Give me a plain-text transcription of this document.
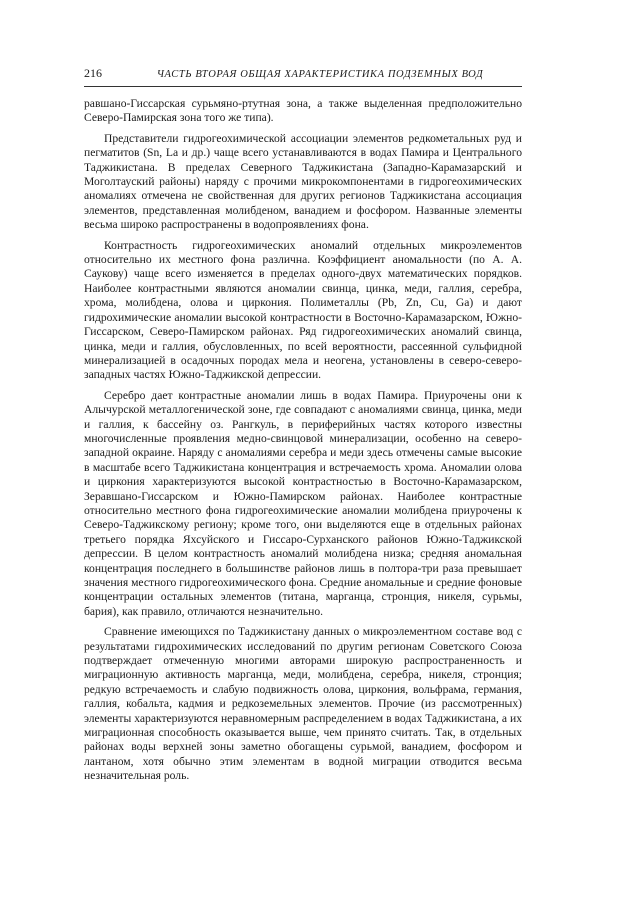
216	ЧАСТЬ ВТОРАЯ ОБЩАЯ ХАРАКТЕРИСТИКА ПОДЗЕМНЫХ ВОД

равшано-Гиссарская сурьмяно-ртутная зона, а также выделенная предположительно Северо-Памирская зона того же типа).

Представители гидрогеохимической ассоциации элементов редкометальных руд и пегматитов (Sn, La и др.) чаще всего устанавливаются в водах Памира и Центрального Таджикистана. В пределах Северного Таджикистана (Западно-Карамазарский и Моголтауский районы) наряду с прочими микрокомпонентами в гидрогеохимических аномалиях отмечена не свойственная для других регионов Таджикистана ассоциация элементов, представленная молибденом, ванадием и фосфором. Названные элементы весьма широко распространены в водопроявлениях фона.

Контрастность гидрогеохимических аномалий отдельных микроэлементов относительно их местного фона различна. Коэффициент аномальности (по А. А. Саукову) чаще всего изменяется в пределах одного-двух математических порядков. Наиболее контрастными являются аномалии свинца, цинка, меди, галлия, серебра, хрома, молибдена, олова и циркония. Полиметаллы (Pb, Zn, Cu, Ga) и дают гидрохимические аномалии высокой контрастности в Восточно-Карамазарском, Южно-Гиссарском, Северо-Памирском районах. Ряд гидрогеохимических аномалий свинца, цинка, меди и галлия, обусловленных, по всей вероятности, рассеянной сульфидной минерализацией в осадочных породах мела и неогена, установлены в северо-северо-западных частях Южно-Таджикской депрессии.

Серебро дает контрастные аномалии лишь в водах Памира. Приурочены они к Алычурской металлогенической зоне, где совпадают с аномалиями свинца, цинка, меди и галлия, к бассейну оз. Рангкуль, в периферийных частях которого известны многочисленные проявления медно-свинцовой минерализации, особенно на северо-западной окраине. Наряду с аномалиями серебра и меди здесь отмечены самые высокие в масштабе всего Таджикистана концентрация и встречаемость хрома. Аномалии олова и циркония характеризуются высокой контрастностью в Восточно-Карамазарском, Зеравшано-Гиссарском и Южно-Памирском районах. Наиболее контрастные относительно местного фона гидрогеохимические аномалии молибдена приурочены к Северо-Таджикскому региону; кроме того, они выделяются еще в отдельных районах третьего порядка Яхсуйского и Гиссаро-Сурханского районов Южно-Таджикской депрессии. В целом контрастность аномалий молибдена низка; средняя аномальная концентрация последнего в большинстве районов лишь в полтора-три раза превышает значения местного гидрогеохимического фона. Средние аномальные и средние фоновые концентрации остальных элементов (титана, марганца, стронция, никеля, сурьмы, бария), как правило, отличаются незначительно.

Сравнение имеющихся по Таджикистану данных о микроэлементном составе вод с результатами гидрохимических исследований по другим регионам Советского Союза подтверждает отмеченную многими авторами широкую распространенность и миграционную активность марганца, меди, молибдена, серебра, никеля, стронция; редкую встречаемость и слабую подвижность олова, циркония, вольфрама, германия, галлия, кобальта, кадмия и редкоземельных элементов. Прочие (из рассмотренных) элементы характеризуются неравномерным распределением в водах Таджикистана, а их миграционная способность оказывается выше, чем принято считать. Так, в отдельных районах воды верхней зоны заметно обогащены сурьмой, ванадием, фосфором и лантаном, хотя обычно этим элементам в водной миграции отводится весьма незначительная роль.
